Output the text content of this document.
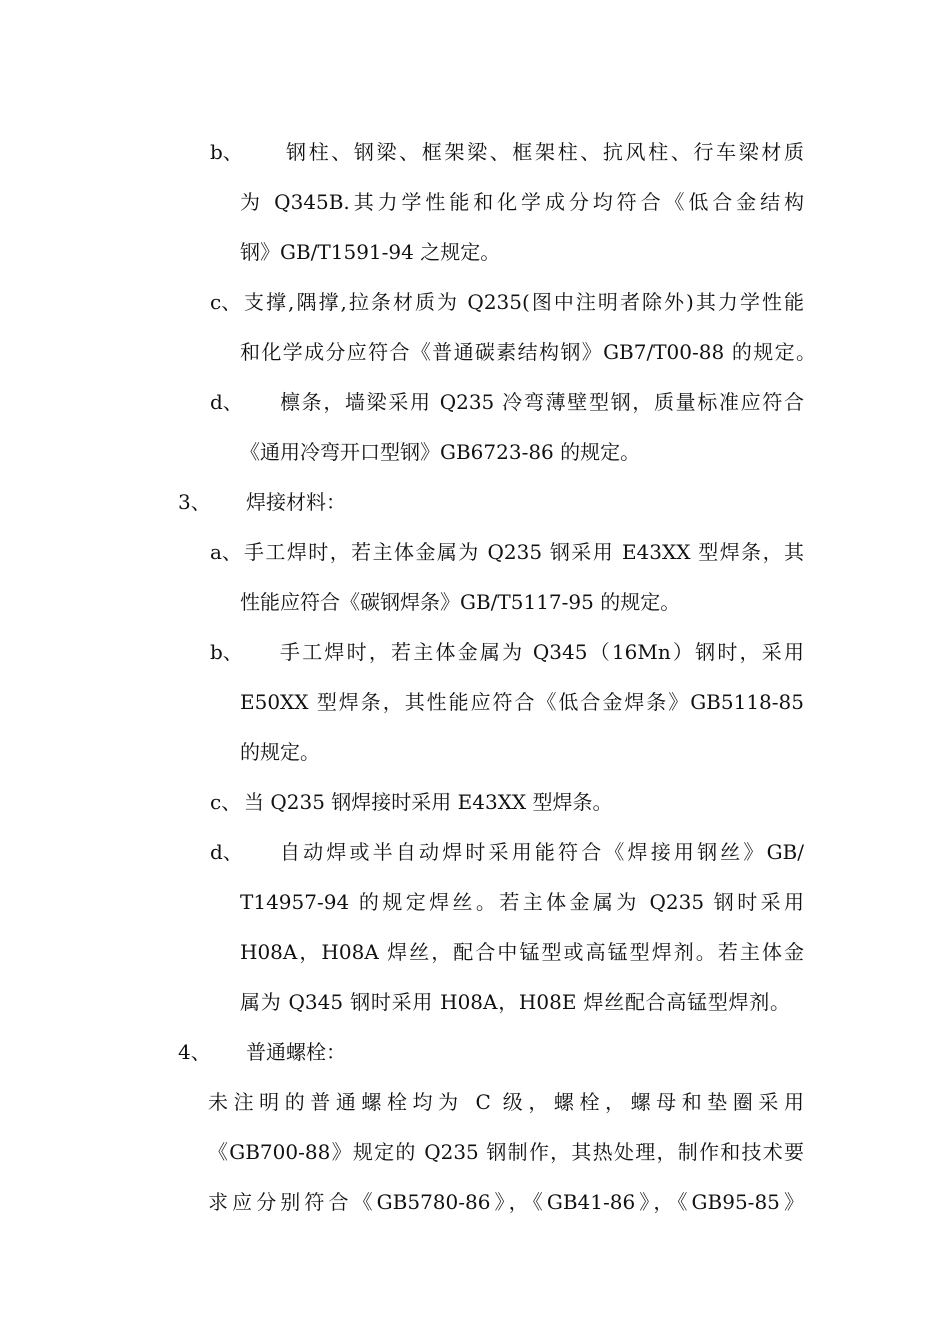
b、 钢柱、钢梁、框架梁、框架柱、抗风柱、行车梁材质
为 Q345B.其力学性能和化学成分均符合《低合金结构
钢》GB/T1591-94 之规定。
c、 支撑,隅撑,拉条材质为 Q235(图中注明者除外)其力学性能
和化学成分应符合《普通碳素结构钢》GB7/T00-88 的规定。
d、 檩条，墙梁采用 Q235 冷弯薄壁型钢，质量标准应符合
《通用冷弯开口型钢》GB6723-86 的规定。
3、 焊接材料：
a、 手工焊时，若主体金属为 Q235 钢采用 E43XX 型焊条，其
性能应符合《碳钢焊条》GB/T5117-95 的规定。
b、 手工焊时，若主体金属为 Q345（16Mn）钢时，采用
E50XX 型焊条，其性能应符合《低合金焊条》GB5118-85
的规定。
c、 当 Q235 钢焊接时采用 E43XX 型焊条。
d、 自动焊或半自动焊时采用能符合《焊接用钢丝》GB/
T14957-94 的规定焊丝。若主体金属为 Q235 钢时采用
H08A，H08A 焊丝，配合中锰型或高锰型焊剂。若主体金
属为 Q345 钢时采用 H08A，H08E 焊丝配合高锰型焊剂。
4、 普通螺栓：
未注明的普通螺栓均为 C 级，螺栓，螺母和垫圈采用
《GB700-88》规定的 Q235 钢制作，其热处理，制作和技术要
求应分别符合《GB5780-86》，《GB41-86》，《GB95-85》
